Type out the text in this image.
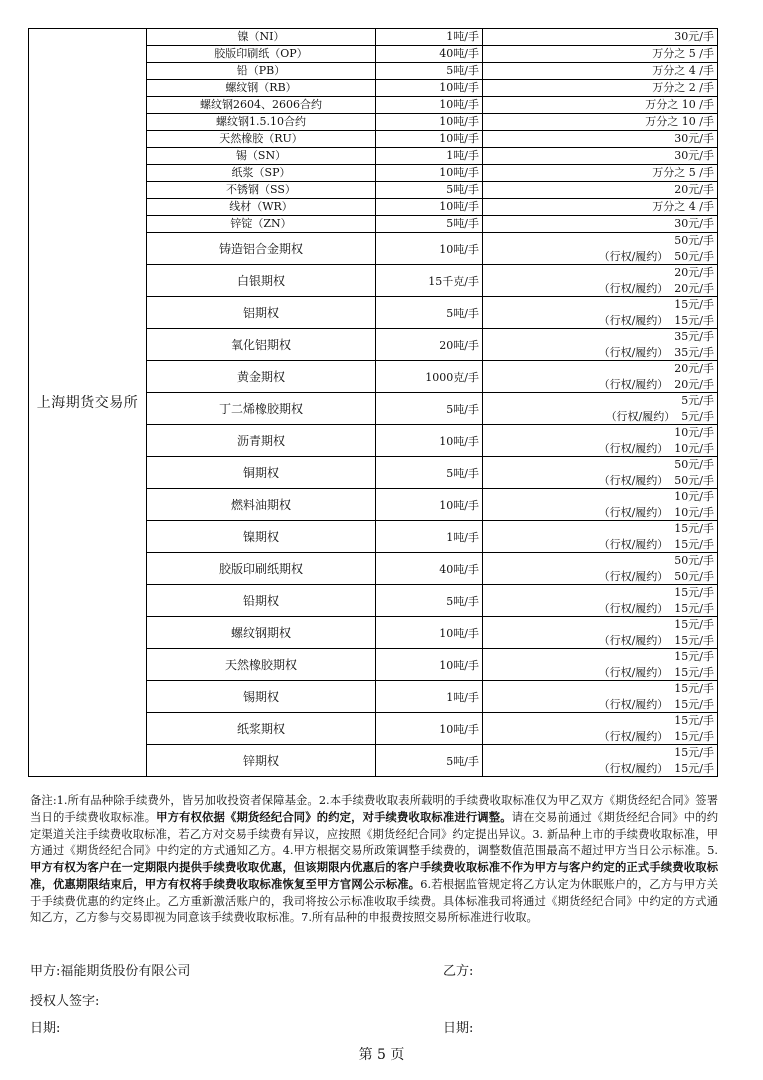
上海期货交易所	镍（NI）	1吨/手	30元/手
	胶版印刷纸（OP）	40吨/手	万分之 5 /手
	铅（PB）	5吨/手	万分之 4 /手
	螺纹钢（RB）	10吨/手	万分之 2 /手
	螺纹钢2604、2606合约	10吨/手	万分之 10 /手
	螺纹钢1.5.10合约	10吨/手	万分之 10 /手
	天然橡胶（RU）	10吨/手	30元/手
	锡（SN）	1吨/手	30元/手
	纸浆（SP）	10吨/手	万分之 5 /手
	不锈钢（SS）	5吨/手	20元/手
	线材（WR）	10吨/手	万分之 4 /手
	锌锭（ZN）	5吨/手	30元/手
	铸造铝合金期权	10吨/手	50元/手
（行权/履约） 50元/手

	白银期权	15千克/手	20元/手
（行权/履约） 20元/手

	铝期权	5吨/手	15元/手
（行权/履约） 15元/手

	氧化铝期权	20吨/手	35元/手
（行权/履约） 35元/手

	黄金期权	1000克/手	20元/手
（行权/履约） 20元/手

	丁二烯橡胶期权	5吨/手	5元/手
（行权/履约） 5元/手

	沥青期权	10吨/手	10元/手
（行权/履约） 10元/手

	铜期权	5吨/手	50元/手
（行权/履约） 50元/手

	燃料油期权	10吨/手	10元/手
（行权/履约） 10元/手

	镍期权	1吨/手	15元/手
（行权/履约） 15元/手

	胶版印刷纸期权	40吨/手	50元/手
（行权/履约） 50元/手

	铅期权	5吨/手	15元/手
（行权/履约） 15元/手

	螺纹钢期权	10吨/手	15元/手
（行权/履约） 15元/手

	天然橡胶期权	10吨/手	15元/手
（行权/履约） 15元/手

	锡期权	1吨/手	15元/手
（行权/履约） 15元/手

	纸浆期权	10吨/手	15元/手
（行权/履约） 15元/手

	锌期权	5吨/手	15元/手
（行权/履约） 15元/手
备注:1.所有品种除手续费外，皆另加收投资者保障基金。2.本手续费收取表所载明的手续费收取标准仅为甲乙双方《期货经纪合同》签署当日的手续费收取标准。甲方有权依据《期货经纪合同》的约定，对手续费收取标准进行调整。请在交易前通过《期货经纪合同》中的约定渠道关注手续费收取标准，若乙方对交易手续费有异议，应按照《期货经纪合同》约定提出异议。3. 新品种上市的手续费收取标准，甲方通过《期货经纪合同》中约定的方式通知乙方。4.甲方根据交易所政策调整手续费的，调整数值范围最高不超过甲方当日公示标准。5.甲方有权为客户在一定期限内提供手续费收取优惠，但该期限内优惠后的客户手续费收取标准不作为甲方与客户约定的正式手续费收取标准，优惠期限结束后，甲方有权将手续费收取标准恢复至甲方官网公示标准。6.若根据监管规定将乙方认定为休眠账户的，乙方与甲方关于手续费优惠的约定终止。乙方重新激活账户的，我司将按公示标准收取手续费。具体标准我司将通过《期货经纪合同》中约定的方式通知乙方，乙方参与交易即视为同意该手续费收取标准。7.所有品种的申报费按照交易所标准进行收取。
甲方:福能期货股份有限公司	乙方:
授权人签字:
日期:	日期:
第 5 页
